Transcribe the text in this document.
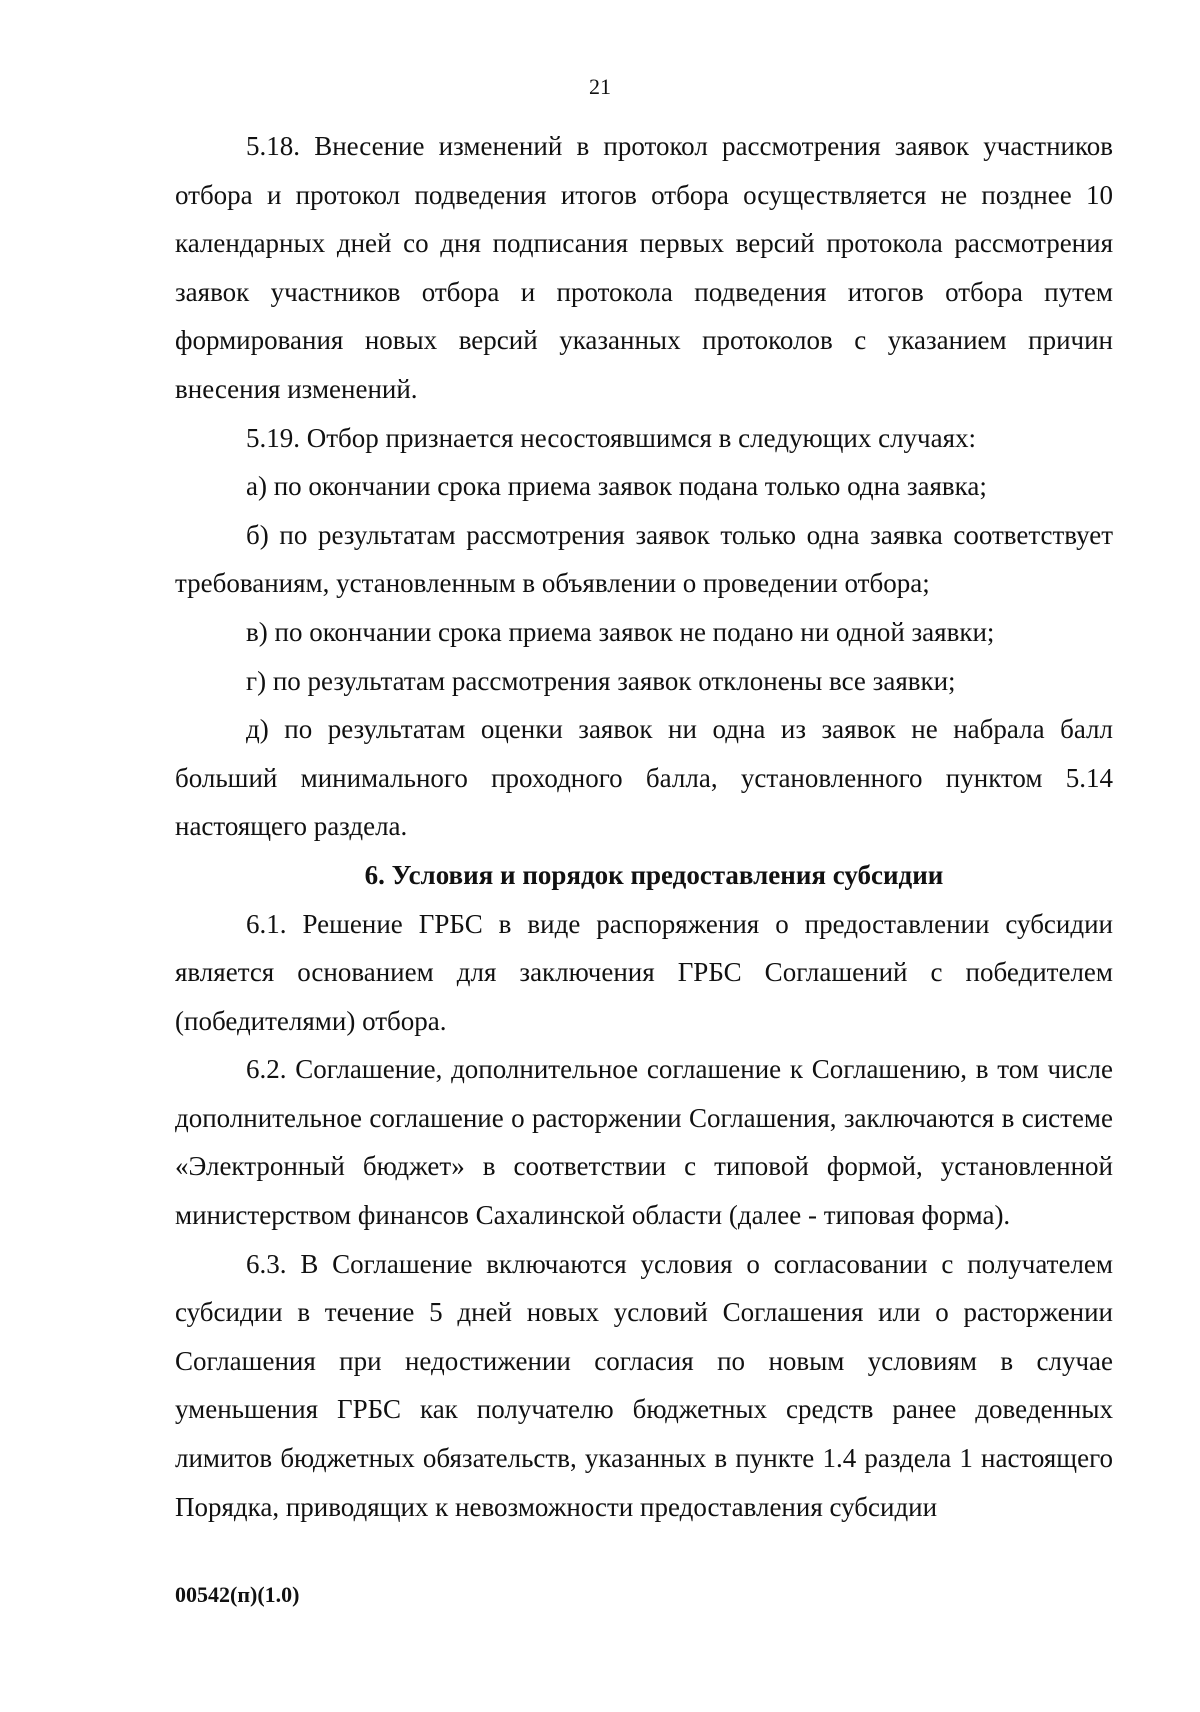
21

5.18. Внесение изменений в протокол рассмотрения заявок участников отбора и протокол подведения итогов отбора осуществляется не позднее 10 календарных дней со дня подписания первых версий протокола рассмотрения заявок участников отбора и протокола подведения итогов отбора путем формирования новых версий указанных протоколов с указанием причин внесения изменений.

5.19. Отбор признается несостоявшимся в следующих случаях:

а) по окончании срока приема заявок подана только одна заявка;

б) по результатам рассмотрения заявок только одна заявка соответствует требованиям, установленным в объявлении о проведении отбора;

в) по окончании срока приема заявок не подано ни одной заявки;

г) по результатам рассмотрения заявок отклонены все заявки;

д) по результатам оценки заявок ни одна из заявок не набрала балл больший минимального проходного балла, установленного пунктом 5.14 настоящего раздела.

6. Условия и порядок предоставления субсидии

6.1. Решение ГРБС в виде распоряжения о предоставлении субсидии является основанием для заключения ГРБС Соглашений с победителем (победителями) отбора.

6.2. Соглашение, дополнительное соглашение к Соглашению, в том числе дополнительное соглашение о расторжении Соглашения, заключаются в системе «Электронный бюджет» в соответствии с типовой формой, установленной министерством финансов Сахалинской области (далее - типовая форма).

6.3. В Соглашение включаются условия о согласовании с получателем субсидии в течение 5 дней новых условий Соглашения или о расторжении Соглашения при недостижении согласия по новым условиям в случае уменьшения ГРБС как получателю бюджетных средств ранее доведенных лимитов бюджетных обязательств, указанных в пункте 1.4 раздела 1 настоящего Порядка, приводящих к невозможности предоставления субсидии

00542(п)(1.0)
